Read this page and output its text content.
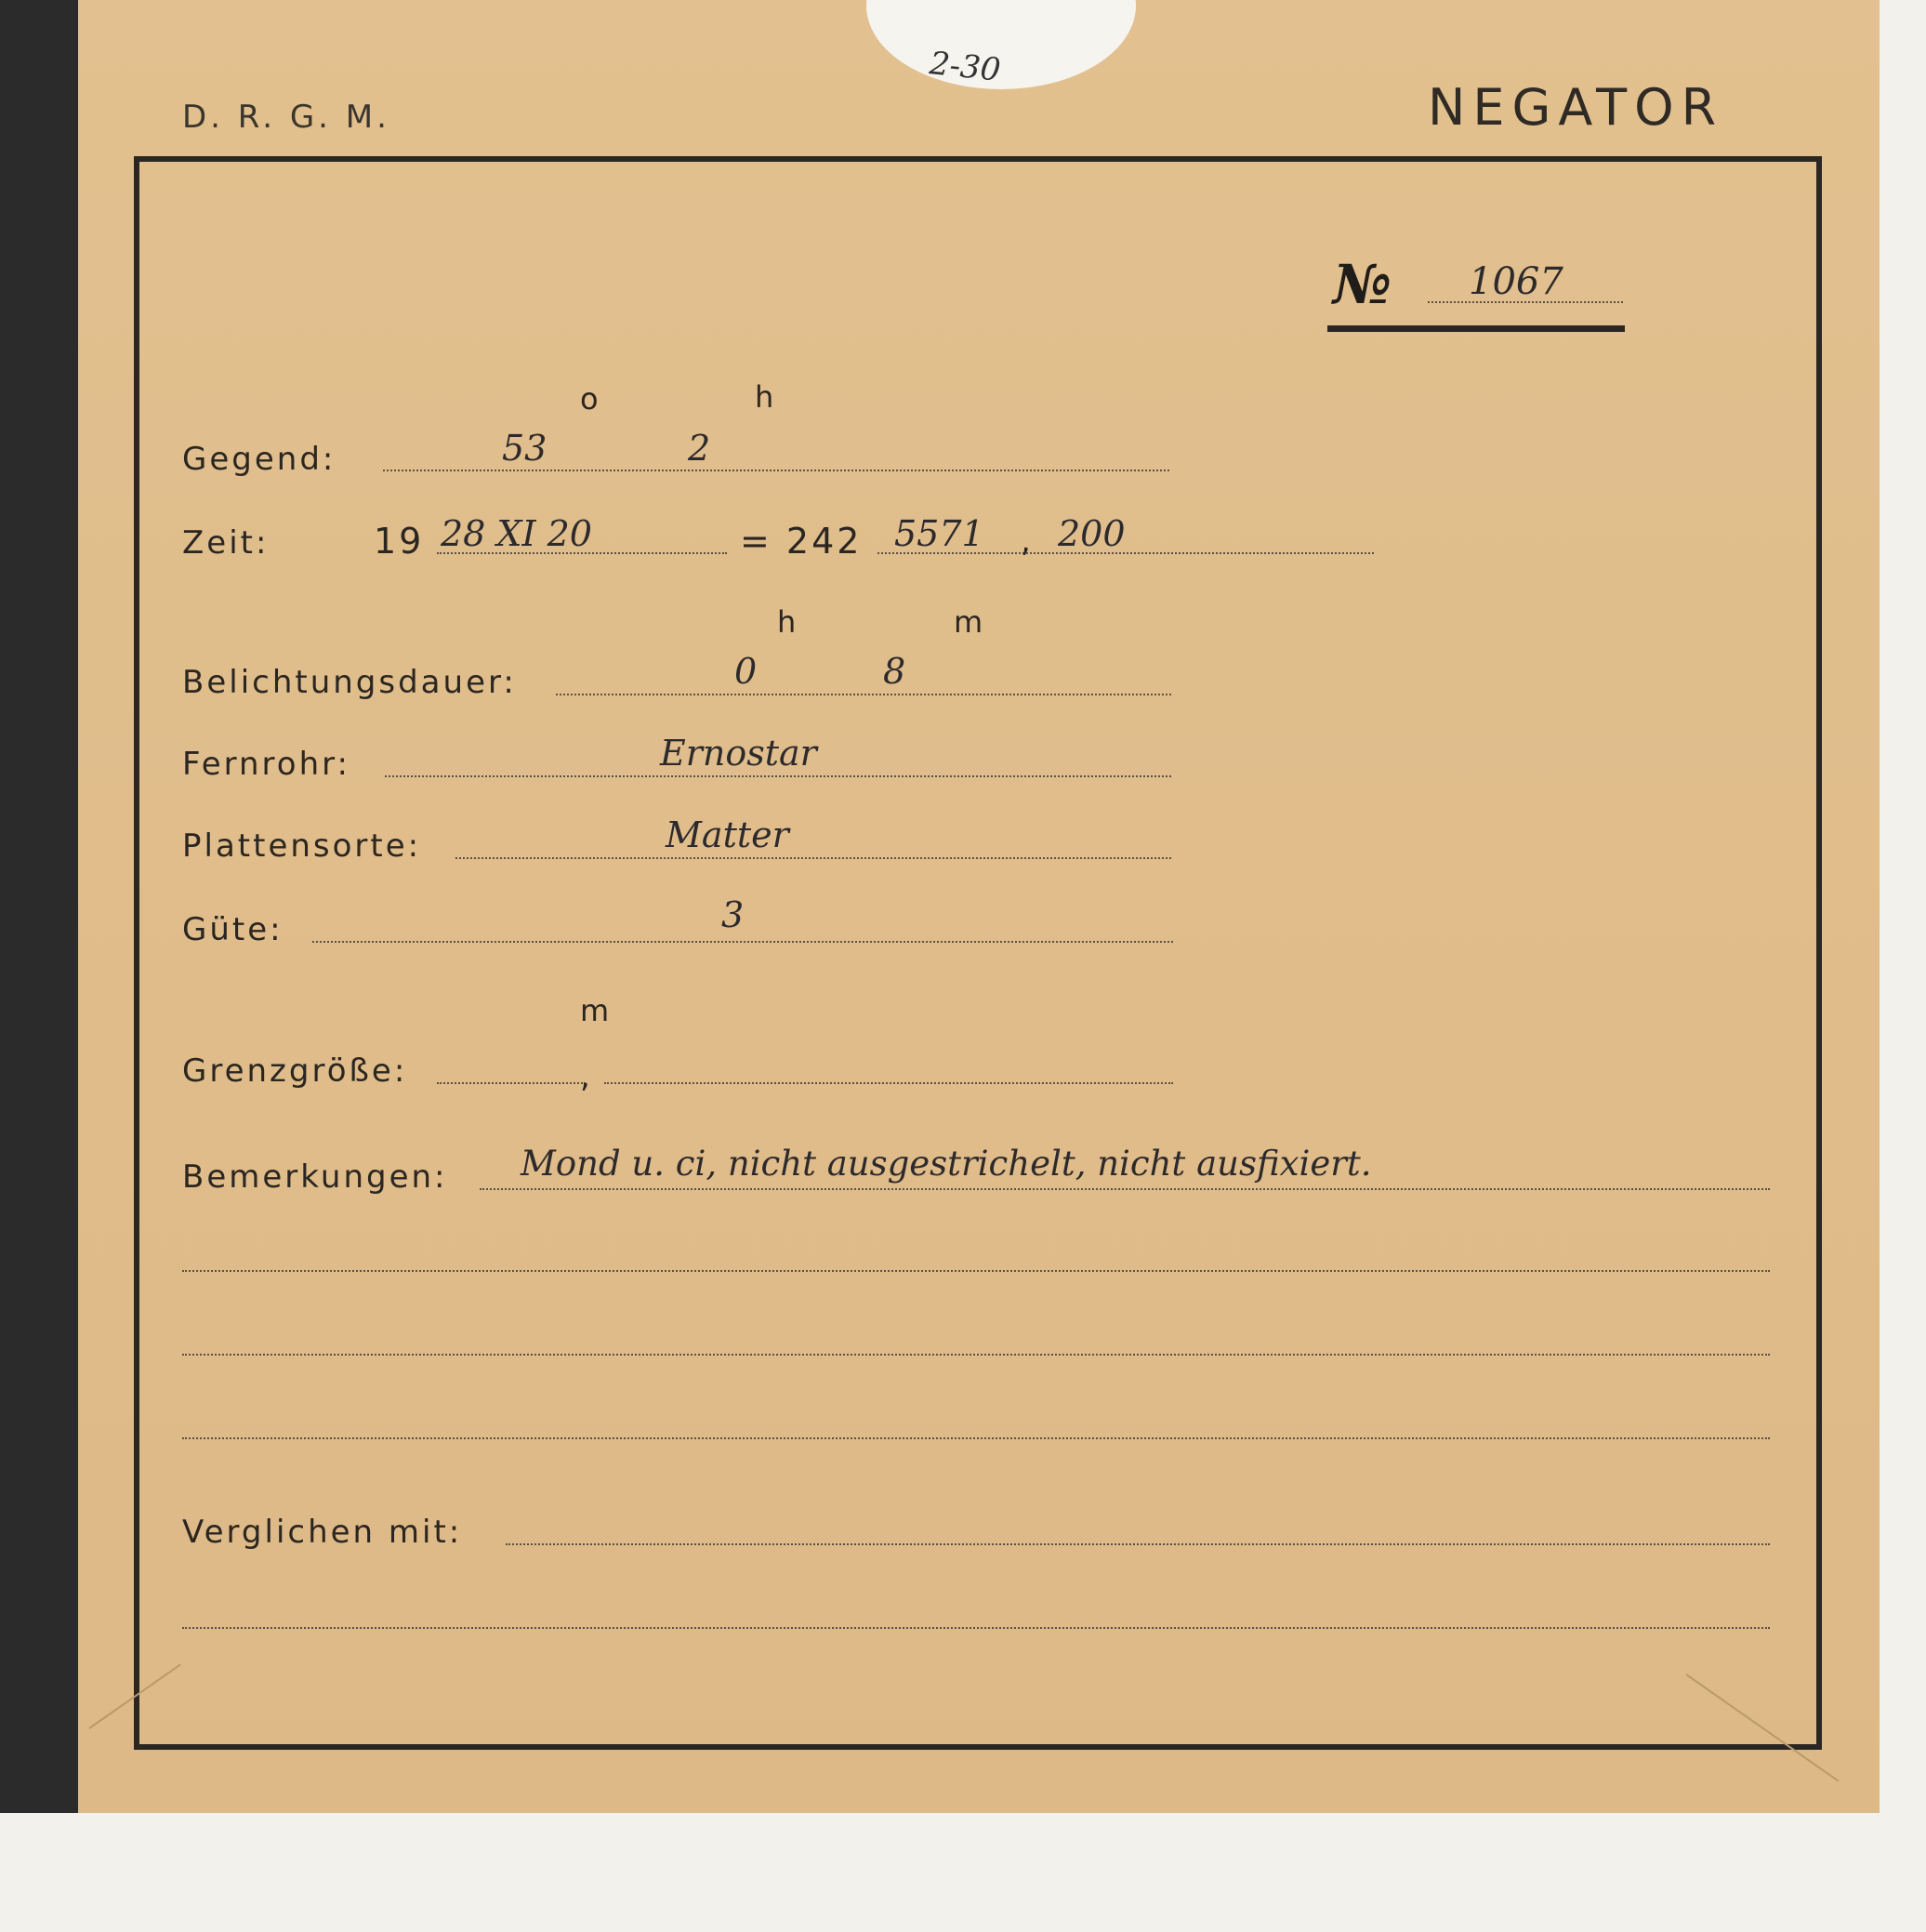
2-30
D. R. G. M.	NEGATOR
№ 1067
o	h
Gegend:	53	2
Zeit:	19 28 XI 20	= 242 5571 , 200
h	m
Belichtungsdauer:	0	8
Fernrohr:	Ernostar
Plattensorte:	Matter
Güte:	3
m
Grenzgröße:	,
Bemerkungen: Mond u. ci, nicht ausgestrichelt, nicht ausfixiert.
Verglichen mit:
